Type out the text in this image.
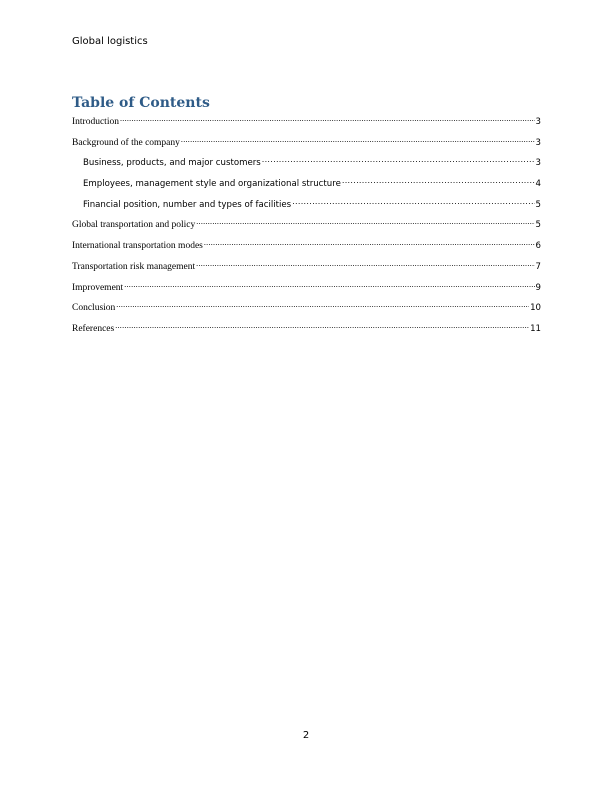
Global logistics
Table of Contents
Introduction .....	3
Background of the company .....	3
Business, products, and major customers .....	3
Employees, management style and organizational structure .....	4
Financial position, number and types of facilities .....	5
Global transportation and policy .....	5
International transportation modes .....	6
Transportation risk management .....	7
Improvement .....	9
Conclusion .....	10
References .....	11
2
